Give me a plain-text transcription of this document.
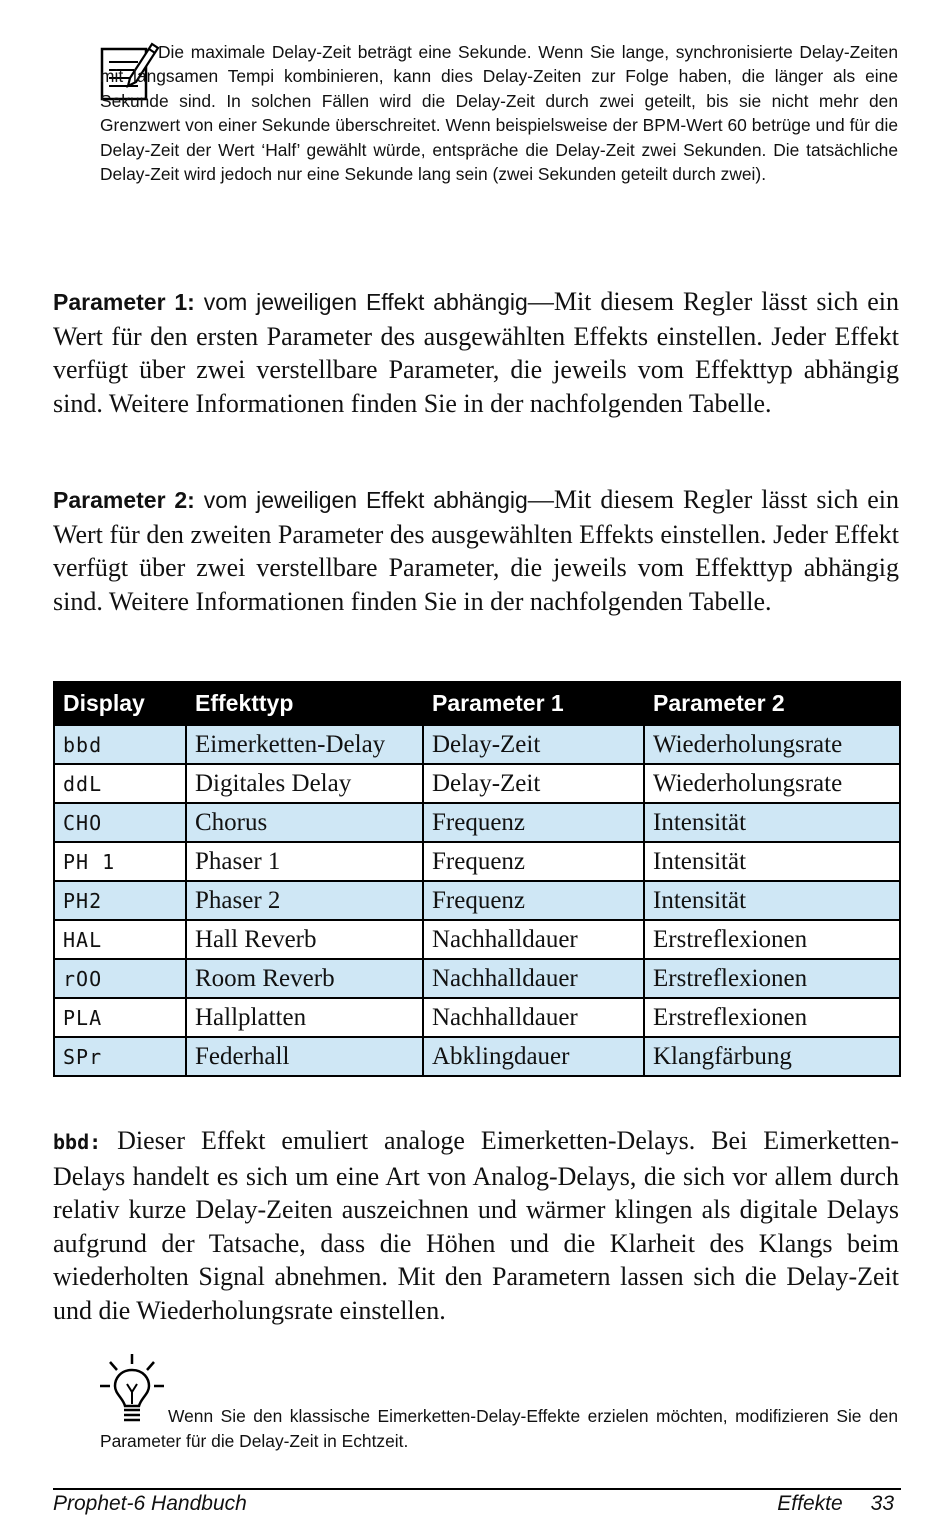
Die maximale Delay-Zeit beträgt eine Sekunde. Wenn Sie lange, synchronisierte Delay-Zeiten mit langsamen Tempi kombinieren, kann dies Delay-Zeiten zur Folge haben, die länger als eine Sekunde sind. In solchen Fällen wird die Delay-Zeit durch zwei geteilt, bis sie nicht mehr den Grenzwert von einer Sekunde überschreitet. Wenn beispielsweise der BPM-Wert 60 betrüge und für die Delay-Zeit der Wert ‘Half’ gewählt würde, entspräche die Delay-Zeit zwei Sekunden. Die tatsächliche Delay-Zeit wird jedoch nur eine Sekunde lang sein (zwei Sekunden geteilt durch zwei).
Parameter 1: vom jeweiligen Effekt abhängig—Mit diesem Regler lässt sich ein Wert für den ersten Parameter des ausgewählten Effekts einstellen. Jeder Effekt verfügt über zwei verstellbare Parameter, die jeweils vom Effekttyp abhängig sind. Weitere Informationen finden Sie in der nachfolgenden Tabelle.
Parameter 2: vom jeweiligen Effekt abhängig—Mit diesem Regler lässt sich ein Wert für den zweiten Parameter des ausgewählten Effekts einstellen. Jeder Effekt verfügt über zwei verstellbare Parameter, die jeweils vom Effekttyp abhängig sind. Weitere Informationen finden Sie in der nachfolgenden Tabelle.
Display	Effekttyp	Parameter 1	Parameter 2
bbd	Eimerketten-Delay	Delay-Zeit	Wiederholungsrate
ddL	Digitales Delay	Delay-Zeit	Wiederholungsrate
CHO	Chorus	Frequenz	Intensität
PH 1	Phaser 1	Frequenz	Intensität
PH2	Phaser 2	Frequenz	Intensität
HAL	Hall Reverb	Nachhalldauer	Erstreflexionen
rOO	Room Reverb	Nachhalldauer	Erstreflexionen
PLA	Hallplatten	Nachhalldauer	Erstreflexionen
SPr	Federhall	Abklingdauer	Klangfärbung
bbd: Dieser Effekt emuliert analoge Eimerketten-Delays. Bei Eimerketten-Delays handelt es sich um eine Art von Analog-Delays, die sich vor allem durch relativ kurze Delay-Zeiten auszeichnen und wärmer klingen als digitale Delays aufgrund der Tatsache, dass die Höhen und die Klarheit des Klangs beim wiederholten Signal abnehmen. Mit den Parametern lassen sich die Delay-Zeit und die Wiederholungsrate einstellen.
Wenn Sie den klassische Eimerketten-Delay-Effekte erzielen möchten, modifizieren Sie den Parameter für die Delay-Zeit in Echtzeit.
Prophet-6 Handbuch	Effekte 33
